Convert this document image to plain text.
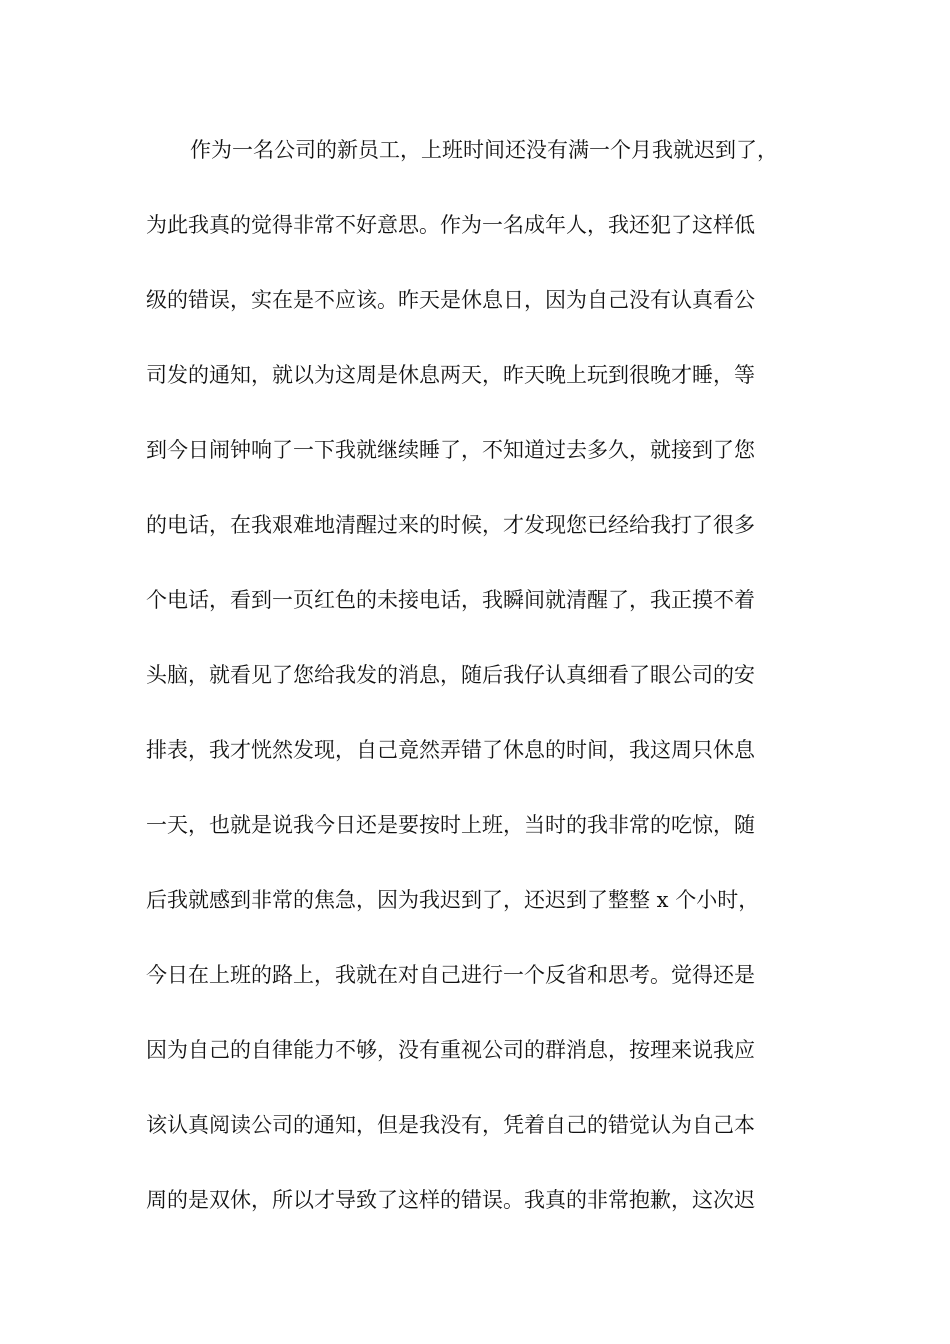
作为一名公司的新员工，上班时间还没有满一个月我就迟到了，
为此我真的觉得非常不好意思。作为一名成年人，我还犯了这样低
级的错误，实在是不应该。昨天是休息日，因为自己没有认真看公
司发的通知，就以为这周是休息两天，昨天晚上玩到很晚才睡，等
到今日闹钟响了一下我就继续睡了，不知道过去多久，就接到了您
的电话，在我艰难地清醒过来的时候，才发现您已经给我打了很多
个电话，看到一页红色的未接电话，我瞬间就清醒了，我正摸不着
头脑，就看见了您给我发的消息，随后我仔认真细看了眼公司的安
排表，我才恍然发现，自己竟然弄错了休息的时间，我这周只休息
一天，也就是说我今日还是要按时上班，当时的我非常的吃惊，随
后我就感到非常的焦急，因为我迟到了，还迟到了整整 x 个小时，
今日在上班的路上，我就在对自己进行一个反省和思考。觉得还是
因为自己的自律能力不够，没有重视公司的群消息，按理来说我应
该认真阅读公司的通知，但是我没有，凭着自己的错觉认为自己本
周的是双休，所以才导致了这样的错误。我真的非常抱歉，这次迟
